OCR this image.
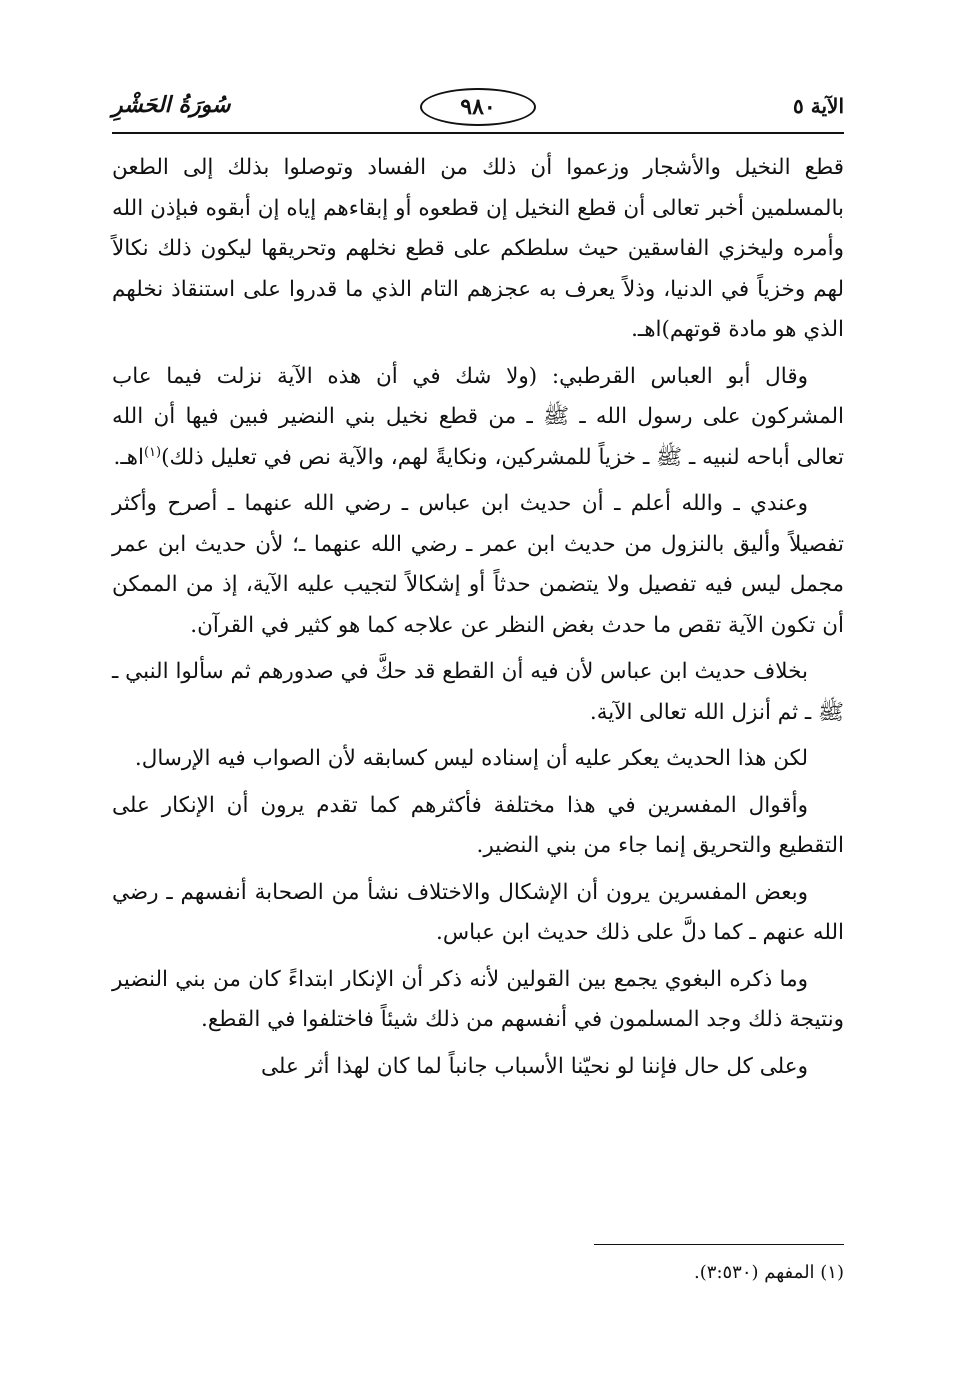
الآية ٥
٩٨٠
سُورَةُ الحَشْرِ

قطع النخيل والأشجار وزعموا أن ذلك من الفساد وتوصلوا بذلك إلى الطعن بالمسلمين أخبر تعالى أن قطع النخيل إن قطعوه أو إبقاءهم إياه إن أبقوه فبإذن الله وأمره وليخزي الفاسقين حيث سلطكم على قطع نخلهم وتحريقها ليكون ذلك نكالاً لهم وخزياً في الدنيا، وذلاً يعرف به عجزهم التام الذي ما قدروا على استنقاذ نخلهم الذي هو مادة قوتهم)اهـ.

وقال أبو العباس القرطبي: (ولا شك في أن هذه الآية نزلت فيما عاب المشركون على رسول الله ـ ﷺ ـ من قطع نخيل بني النضير فبين فيها أن الله تعالى أباحه لنبيه ـ ﷺ ـ خزياً للمشركين، ونكايةً لهم، والآية نص في تعليل ذلك)$^{(١)}$اهـ.

وعندي ـ والله أعلم ـ أن حديث ابن عباس ـ رضي الله عنهما ـ أصرح وأكثر تفصيلاً وأليق بالنزول من حديث ابن عمر ـ رضي الله عنهما ـ؛ لأن حديث ابن عمر مجمل ليس فيه تفصيل ولا يتضمن حدثاً أو إشكالاً لتجيب عليه الآية، إذ من الممكن أن تكون الآية تقص ما حدث بغض النظر عن علاجه كما هو كثير في القرآن.

بخلاف حديث ابن عباس لأن فيه أن القطع قد حكَّ في صدورهم ثم سألوا النبي ـ ﷺ ـ ثم أنزل الله تعالى الآية.

لكن هذا الحديث يعكر عليه أن إسناده ليس كسابقه لأن الصواب فيه الإرسال.

وأقوال المفسرين في هذا مختلفة فأكثرهم كما تقدم يرون أن الإنكار على التقطيع والتحريق إنما جاء من بني النضير.

وبعض المفسرين يرون أن الإشكال والاختلاف نشأ من الصحابة أنفسهم ـ رضي الله عنهم ـ كما دلَّ على ذلك حديث ابن عباس.

وما ذكره البغوي يجمع بين القولين لأنه ذكر أن الإنكار ابتداءً كان من بني النضير ونتيجة ذلك وجد المسلمون في أنفسهم من ذلك شيئاً فاختلفوا في القطع.

وعلى كل حال فإننا لو نحيّنا الأسباب جانباً لما كان لهذا أثر على

(١) المفهم (٣:٥٣٠).
